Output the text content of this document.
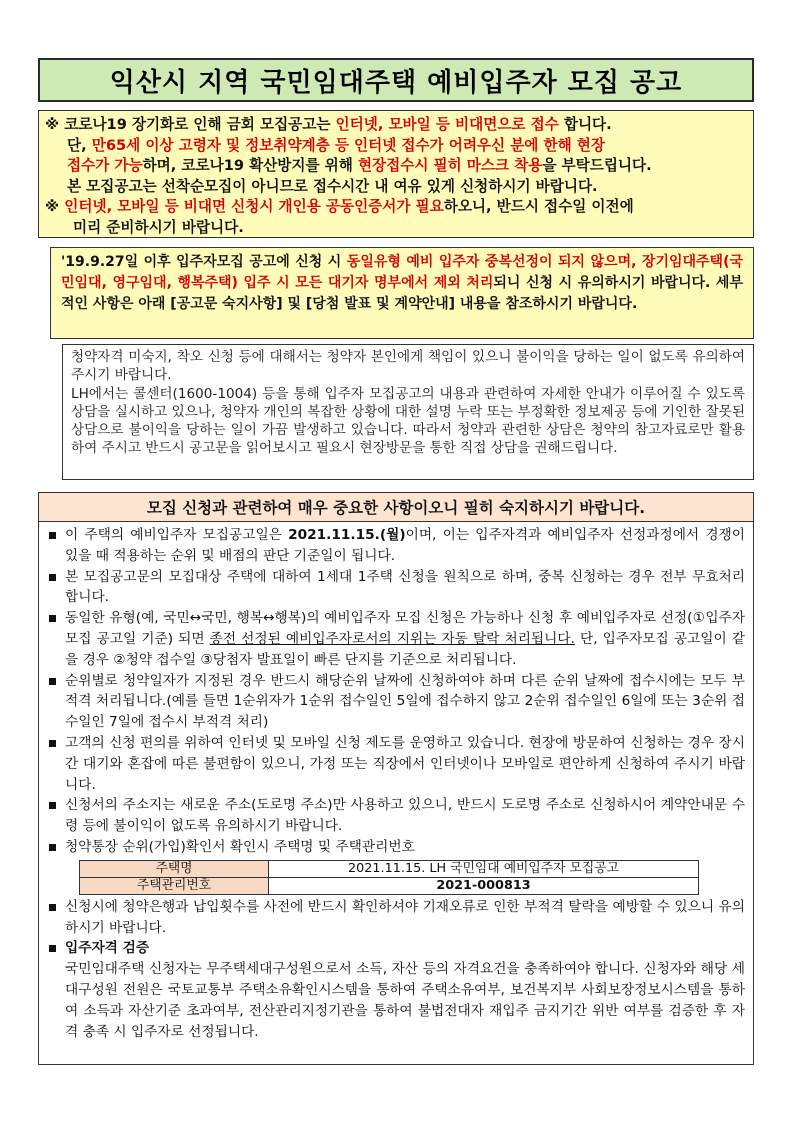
익산시 지역 국민임대주택 예비입주자 모집 공고

※ 코로나19 장기화로 인해 금회 모집공고는 인터넷, 모바일 등 비대면으로 접수 합니다.

단, 만65세 이상 고령자 및 정보취약계층 등 인터넷 접수가 어려우신 분에 한해 현장

접수가 가능하며, 코로나19 확산방지를 위해 현장접수시 필히 마스크 착용을 부탁드립니다.

본 모집공고는 선착순모집이 아니므로 접수시간 내 여유 있게 신청하시기 바랍니다.

※ 인터넷, 모바일 등 비대면 신청시 개인용 공동인증서가 필요하오니, 반드시 접수일 이전에

미리 준비하시기 바랍니다.

'19.9.27일 이후 입주자모집 공고에 신청 시 동일유형 예비 입주자 중복선정이 되지 않으며, 장기임대주택(국민임대, 영구임대, 행복주택) 입주 시 모든 대기자 명부에서 제외 처리되니 신청 시 유의하시기 바랍니다. 세부적인 사항은 아래 [공고문 숙지사항] 및 [당첨 발표 및 계약안내] 내용을 참조하시기 바랍니다.

청약자격 미숙지, 착오 신청 등에 대해서는 청약자 본인에게 책임이 있으니 불이익을 당하는 일이 없도록 유의하여 주시기 바랍니다.

LH에서는 콜센터(1600-1004) 등을 통해 입주자 모집공고의 내용과 관련하여 자세한 안내가 이루어질 수 있도록 상담을 실시하고 있으나, 청약자 개인의 복잡한 상황에 대한 설명 누락 또는 부정확한 정보제공 등에 기인한 잘못된 상담으로 불이익을 당하는 일이 가끔 발생하고 있습니다. 따라서 청약과 관련한 상담은 청약의 참고자료로만 활용하여 주시고 반드시 공고문을 읽어보시고 필요시 현장방문을 통한 직접 상담을 권해드립니다.

모집 신청과 관련하여 매우 중요한 사항이오니 필히 숙지하시기 바랍니다.

이 주택의 예비입주자 모집공고일은 2021.11.15.(월)이며, 이는 입주자격과 예비입주자 선정과정에서 경쟁이 있을 때 적용하는 순위 및 배점의 판단 기준일이 됩니다.

본 모집공고문의 모집대상 주택에 대하여 1세대 1주택 신청을 원칙으로 하며, 중복 신청하는 경우 전부 무효처리 합니다.

동일한 유형(예, 국민↔국민, 행복↔행복)의 예비입주자 모집 신청은 가능하나 신청 후 예비입주자로 선정(①입주자모집 공고일 기준) 되면 종전 선정된 예비입주자로서의 지위는 자동 탈락 처리됩니다. 단, 입주자모집 공고일이 같을 경우 ②청약 접수일 ③당첨자 발표일이 빠른 단지를 기준으로 처리됩니다.

순위별로 청약일자가 지정된 경우 반드시 해당순위 날짜에 신청하여야 하며 다른 순위 날짜에 접수시에는 모두 부적격 처리됩니다.(예를 들면 1순위자가 1순위 접수일인 5일에 접수하지 않고 2순위 접수일인 6일에 또는 3순위 접수일인 7일에 접수시 부적격 처리)

고객의 신청 편의를 위하여 인터넷 및 모바일 신청 제도를 운영하고 있습니다. 현장에 방문하여 신청하는 경우 장시간 대기와 혼잡에 따른 불편함이 있으니, 가정 또는 직장에서 인터넷이나 모바일로 편안하게 신청하여 주시기 바랍니다.

신청서의 주소지는 새로운 주소(도로명 주소)만 사용하고 있으니, 반드시 도로명 주소로 신청하시어 계약안내문 수령 등에 불이익이 없도록 유의하시기 바랍니다.

청약통장 순위(가입)확인서 확인시 주택명 및 주택관리번호

주택명	2021.11.15. LH 국민임대 예비입주자 모집공고
주택관리번호	2021-000813

신청시에 청약은행과 납입횟수를 사전에 반드시 확인하셔야 기재오류로 인한 부적격 탈락을 예방할 수 있으니 유의하시기 바랍니다.

입주자격 검증

국민임대주택 신청자는 무주택세대구성원으로서 소득, 자산 등의 자격요건을 충족하여야 합니다. 신청자와 해당 세대구성원 전원은 국토교통부 주택소유확인시스템을 통하여 주택소유여부, 보건복지부 사회보장정보시스템을 통하여 소득과 자산기준 초과여부, 전산관리지정기관을 통하여 불법전대자 재입주 금지기간 위반 여부를 검증한 후 자격 충족 시 입주자로 선정됩니다.
